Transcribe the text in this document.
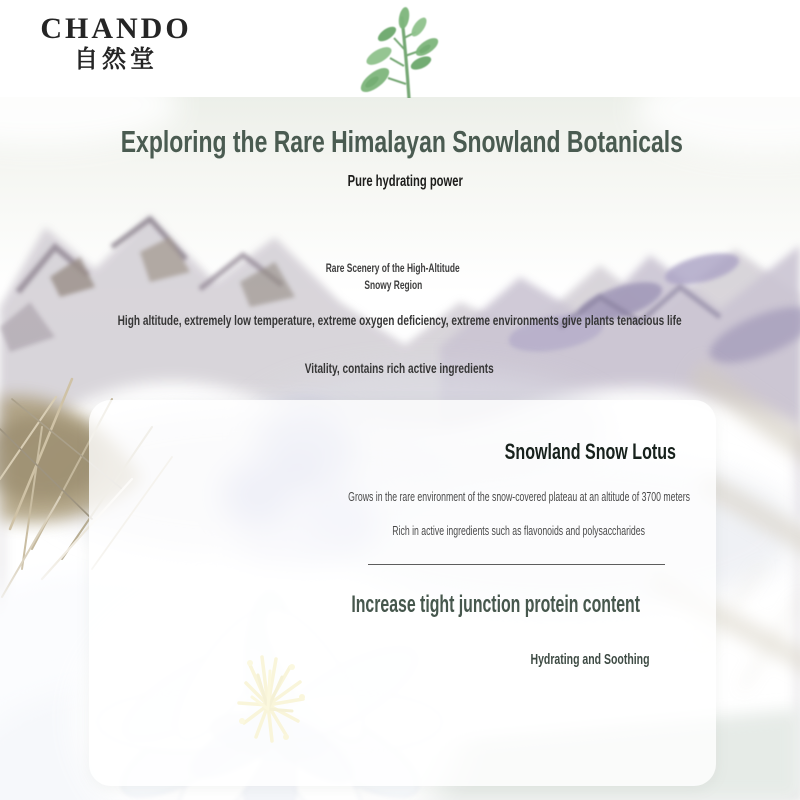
CHANDO
自然堂
Exploring the Rare Himalayan Snowland Botanicals
Pure hydrating power
Rare Scenery of the High-Altitude
Snowy Region
High altitude, extremely low temperature, extreme oxygen deficiency, extreme environments give plants tenacious life
Vitality, contains rich active ingredients
Snowland Snow Lotus
Grows in the rare environment of the snow-covered plateau at an altitude of 3700 meters
Rich in active ingredients such as flavonoids and polysaccharides
Increase tight junction protein content
Hydrating and Soothing
